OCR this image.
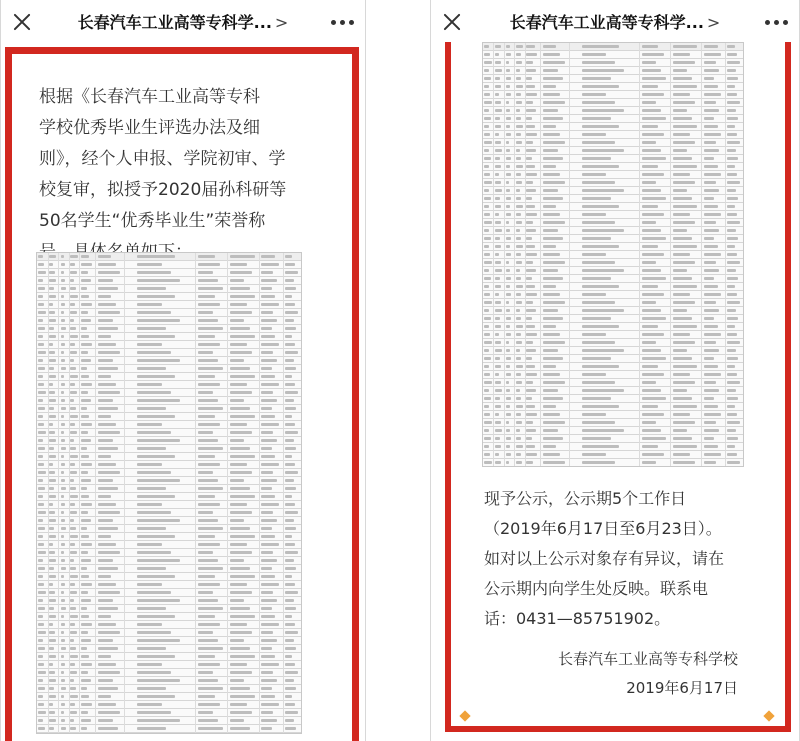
长春汽车工业高等专科学... >

根据《长春汽车工业高等专科
学校优秀毕业生评选办法及细
则》，经个人申报、学院初审、学
校复审，拟授予2020届孙科研等
50名学生“优秀毕业生”荣誉称

长春汽车工业高等专科学... >

现予公示，公示期5个工作日
（2019年6月17日至6月23日）。
如对以上公示对象存有异议，请在
公示期内向学生处反映。联系电
话：0431—85751902。

长春汽车工业高等专科学校
2019年6月17日
